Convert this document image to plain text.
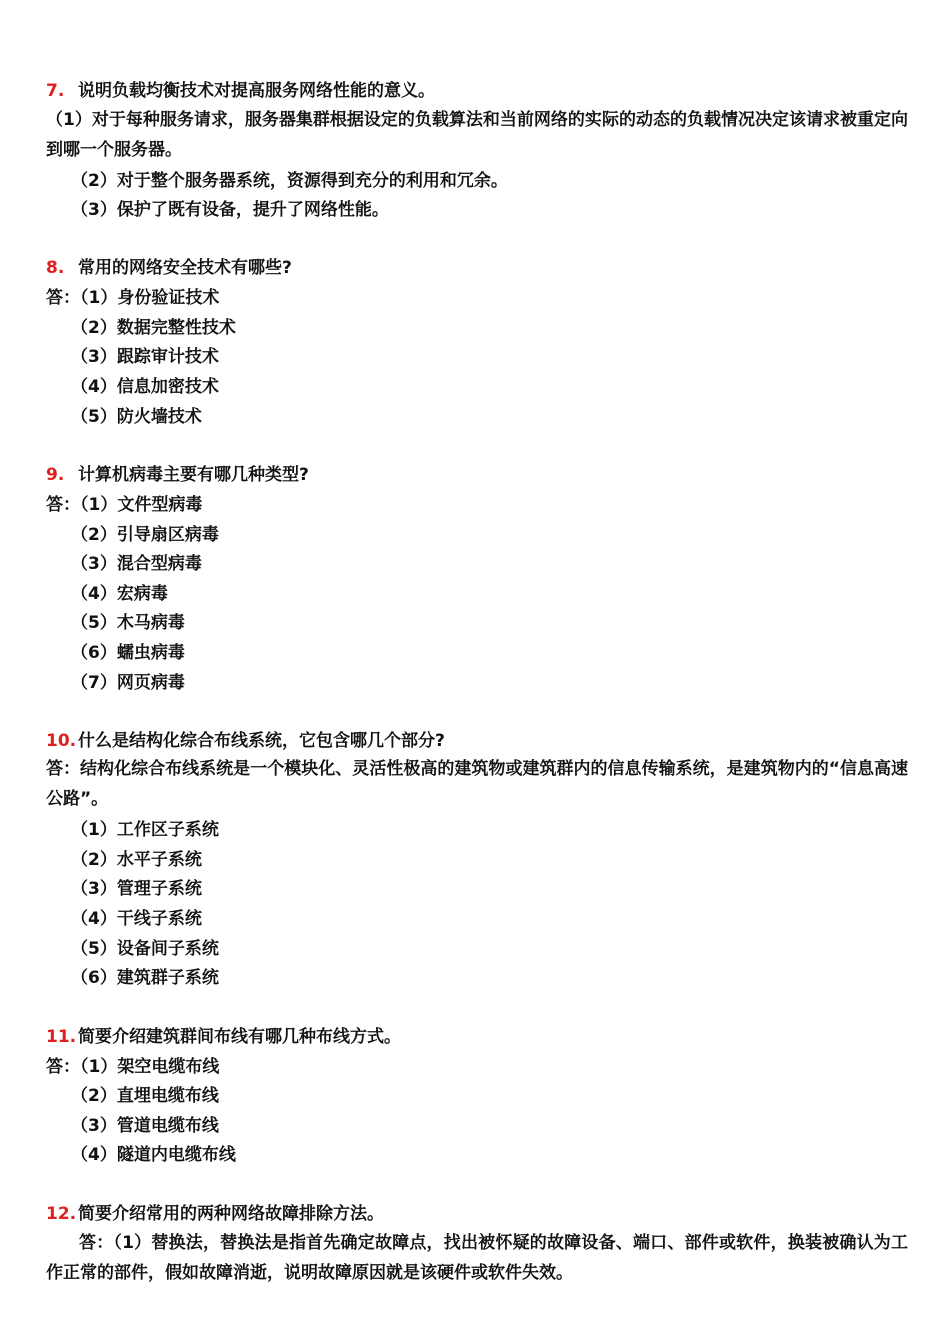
7. 说明负载均衡技术对提高服务网络性能的意义。
（1）对于每种服务请求，服务器集群根据设定的负载算法和当前网络的实际的动态的负载情况决定该请求被重定向到哪一个服务器。
（2）对于整个服务器系统，资源得到充分的利用和冗余。
（3）保护了既有设备，提升了网络性能。
8. 常用的网络安全技术有哪些?
答：（1）身份验证技术
（2）数据完整性技术
（3）跟踪审计技术
（4）信息加密技术
（5）防火墙技术
9. 计算机病毒主要有哪几种类型?
答：（1）文件型病毒
（2）引导扇区病毒
（3）混合型病毒
（4）宏病毒
（5）木马病毒
（6）蠕虫病毒
（7）网页病毒
10. 什么是结构化综合布线系统，它包含哪几个部分?
答：结构化综合布线系统是一个模块化、灵活性极高的建筑物或建筑群内的信息传输系统，是建筑物内的“信息高速公路”。
（1）工作区子系统
（2）水平子系统
（3）管理子系统
（4）干线子系统
（5）设备间子系统
（6）建筑群子系统
11. 简要介绍建筑群间布线有哪几种布线方式。
答：（1）架空电缆布线
（2）直埋电缆布线
（3）管道电缆布线
（4）隧道内电缆布线
12. 简要介绍常用的两种网络故障排除方法。
答：（1）替换法，替换法是指首先确定故障点，找出被怀疑的故障设备、端口、部件或软件，换装被确认为工作正常的部件，假如故障消逝，说明故障原因就是该硬件或软件失效。
